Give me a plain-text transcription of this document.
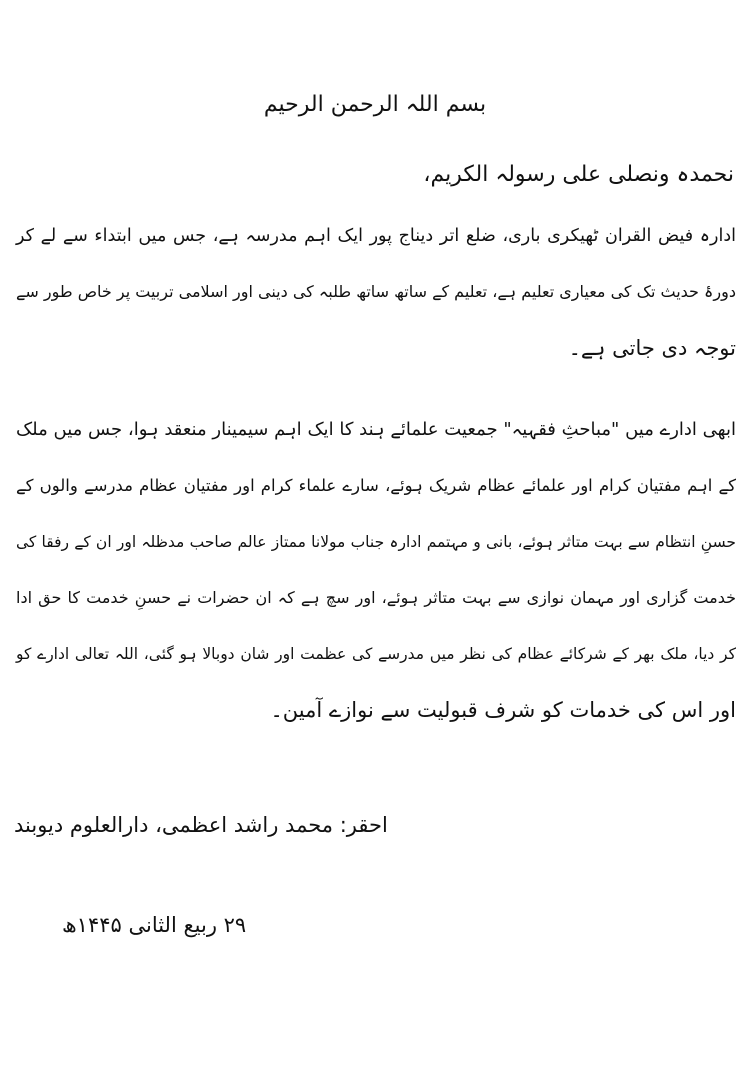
بسم اللہ الرحمن الرحیم
نحمدہ ونصلی علی رسولہ الکریم،
ادارہ فیض القران ٹھیکری باری، ضلع اتر دیناج پور ایک اہم مدرسہ ہے، جس میں ابتداء سے لے کر
دورۂ حدیث تک کی معیاری تعلیم ہے، تعلیم کے ساتھ ساتھ طلبہ کی دینی اور اسلامی تربیت پر خاص طور سے
توجہ دی جاتی ہے۔
ابھی ادارے میں "مباحثِ فقہیہ" جمعیت علمائے ہند کا ایک اہم سیمینار منعقد ہوا، جس میں ملک
کے اہم مفتیان کرام اور علمائے عظام شریک ہوئے، سارے علماء کرام اور مفتیان عظام مدرسے والوں کے
حسنِ انتظام سے بہت متاثر ہوئے، بانی و مہتمم ادارہ جناب مولانا ممتاز عالم صاحب مدظلہ اور ان کے رفقا کی
خدمت گزاری اور مہمان نوازی سے بہت متاثر ہوئے، اور سچ ہے کہ ان حضرات نے حسنِ خدمت کا حق ادا
کر دیا، ملک بھر کے شرکائے عظام کی نظر میں مدرسے کی عظمت اور شان دوبالا ہو گئی، اللہ تعالی ادارے کو
اور اس کی خدمات کو شرف قبولیت سے نوازے آمین۔
احقر: محمد راشد اعظمی، دارالعلوم دیوبند
۲۹ ربیع الثانی ۱۴۴۵ھ
